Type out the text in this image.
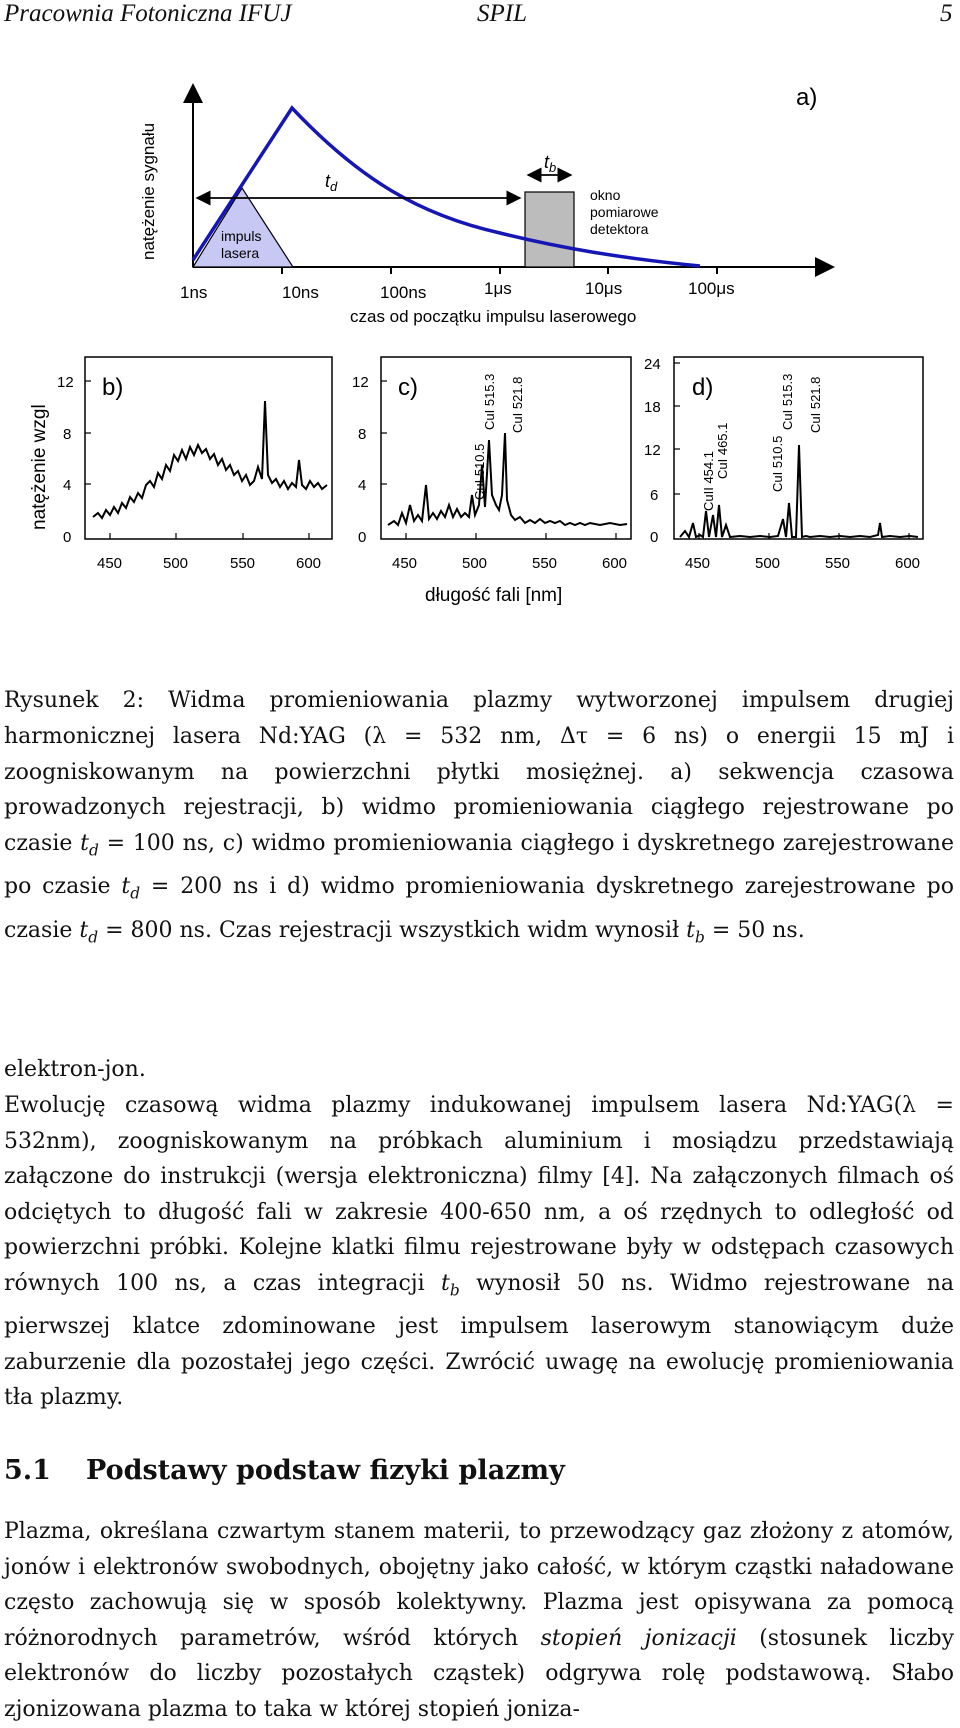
Pracownia Fotoniczna IFUJ	SPIL	5
$t_d$
$t_b$
impuls
lasera
okno
pomiarowe
detektora
a)
natężenie sygnału
1ns	10ns	100ns	1μs	10μs	100μs
czas od początku impulsu laserowego
natężenie wzgl
12
8
4
0
450	500	550	600
b)	12
8
4
0
450	500	550	600
c)
CuI 510.5
CuI 515.3 CuI 521.8
24
18
12
6
0
450	500	550	600
d)
CuII 454.1
CuI 465.1	CuI 510.5
CuI 515.3 CuI 521.8
długość fali [nm]
Rysunek 2: Widma promieniowania plazmy wytworzonej impulsem drugiej harmonicznej lasera Nd:YAG (λ = 532 nm, Δτ = 6 ns) o energii 15 mJ i zoogniskowanym na powierzchni płytki mosiężnej. a) sekwencja czasowa prowadzonych rejestracji, b) widmo promieniowania ciągłego rejestrowane po czasie $t_d = 100$ ns, c) widmo promieniowania ciągłego i dyskretnego zarejestrowane po czasie $t_d = 200$ ns i d) widmo promieniowania dyskretnego zarejestrowane po czasie $t_d = 800$ ns. Czas rejestracji wszystkich widm wynosił $t_b = 50$ ns.

elektron-jon.

Ewolucję czasową widma plazmy indukowanej impulsem lasera Nd:YAG(λ = 532nm), zoogniskowanym na próbkach aluminium i mosiądzu przedstawiają załączone do instrukcji (wersja elektroniczna) filmy [4]. Na załączonych filmach oś odciętych to długość fali w zakresie 400-650 nm, a oś rzędnych to odległość od powierzchni próbki. Kolejne klatki filmu rejestrowane były w odstępach czasowych równych 100 ns, a czas integracji $t_b$ wynosił 50 ns. Widmo rejestrowane na pierwszej klatce zdominowane jest impulsem laserowym stanowiącym duże zaburzenie dla pozostałej jego części. Zwrócić uwagę na ewolucję promieniowania tła plazmy.

5.1 Podstawy podstaw fizyki plazmy

Plazma, określana czwartym stanem materii, to przewodzący gaz złożony z atomów, jonów i elektronów swobodnych, obojętny jako całość, w którym cząstki naładowane często zachowują się w sposób kolektywny. Plazma jest opisywana za pomocą różnorodnych parametrów, wśród których stopień jonizacji (stosunek liczby elektronów do liczby pozostałych cząstek) odgrywa rolę podstawową. Słabo zjonizowana plazma to taka w której stopień joniza-
